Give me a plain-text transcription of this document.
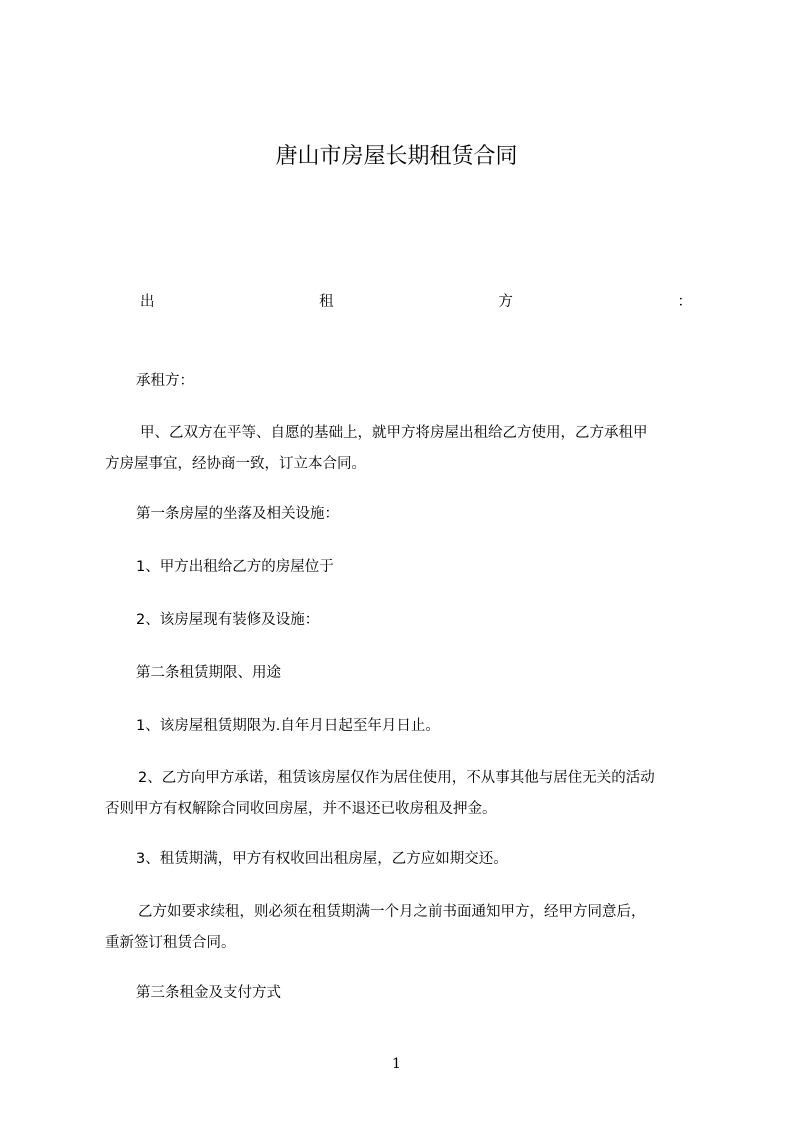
唐山市房屋长期租赁合同
出	租	方	：
承租方：
甲、乙双方在平等、自愿的基础上，就甲方将房屋出租给乙方使用，乙方承租甲
方房屋事宜，经协商一致，订立本合同。
第一条房屋的坐落及相关设施：
1、甲方出租给乙方的房屋位于
2、该房屋现有装修及设施：
第二条租赁期限、用途
1、该房屋租赁期限为.自年月日起至年月日止。
2、乙方向甲方承诺，租赁该房屋仅作为居住使用，不从事其他与居住无关的活动
否则甲方有权解除合同收回房屋，并不退还已收房租及押金。
3、租赁期满，甲方有权收回出租房屋，乙方应如期交还。
乙方如要求续租，则必须在租赁期满一个月之前书面通知甲方，经甲方同意后，
重新签订租赁合同。
第三条租金及支付方式
1
